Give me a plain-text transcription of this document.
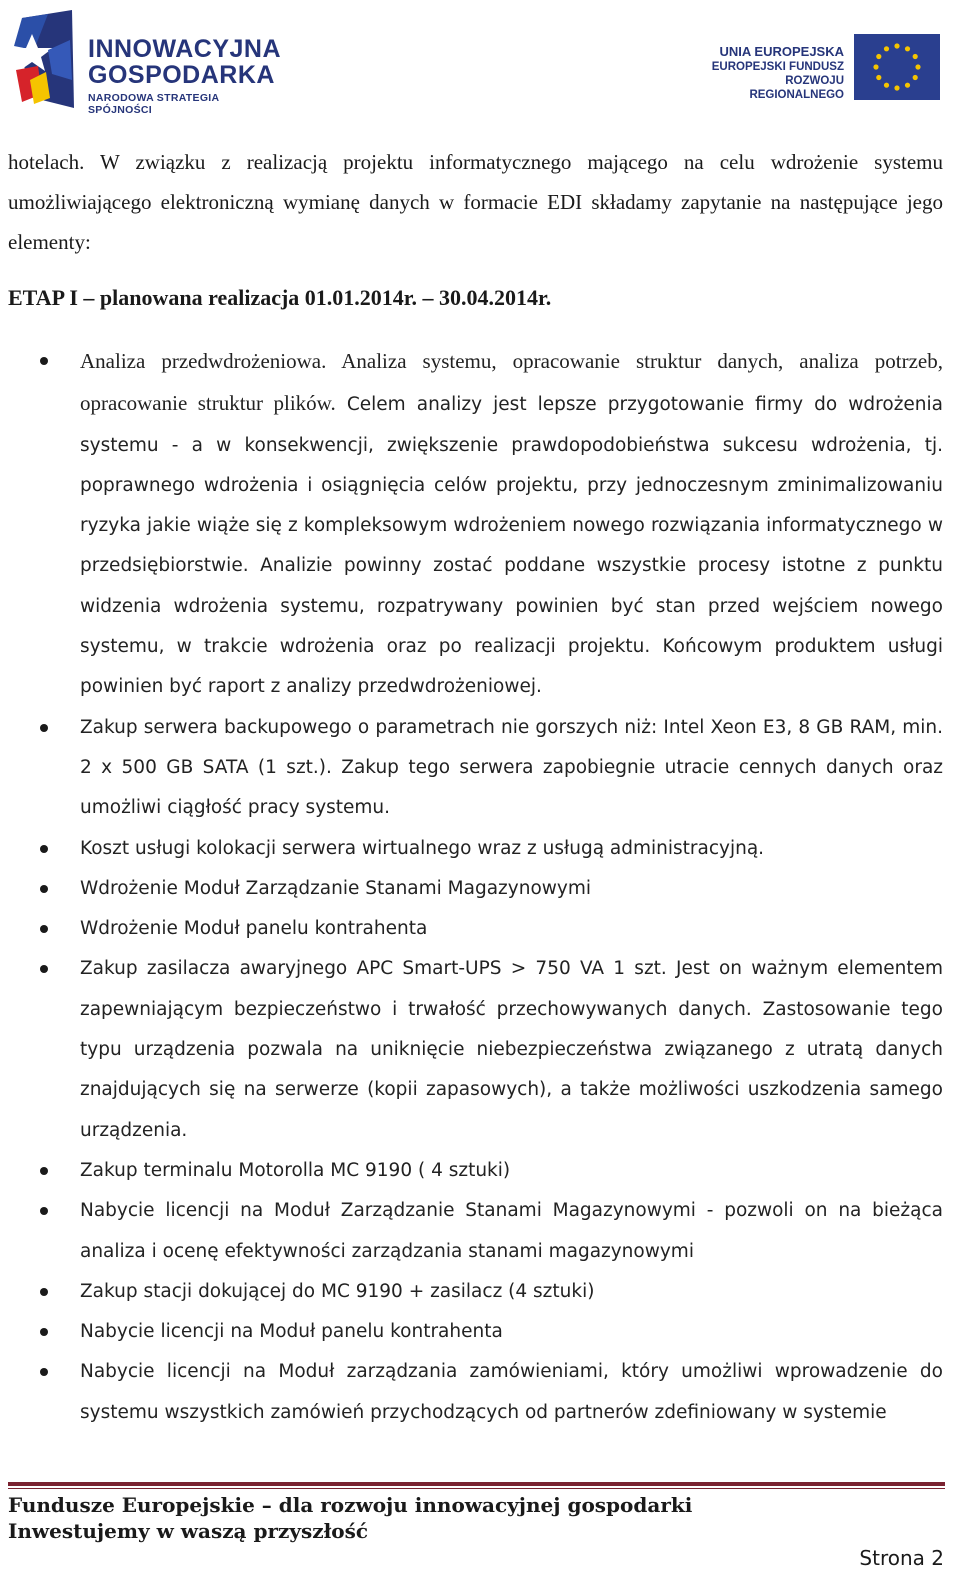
INNOWACYJNA
GOSPODARKA
NARODOWA STRATEGIA SPÓJNOŚCI
UNIA EUROPEJSKA
EUROPEJSKI FUNDUSZ
ROZWOJU REGIONALNEGO

hotelach. W związku z realizacją projektu informatycznego mającego na celu wdrożenie systemu umożliwiającego elektroniczną wymianę danych w formacie EDI składamy zapytanie na następujące jego elementy:

ETAP I – planowana realizacja 01.01.2014r. – 30.04.2014r.
Analiza przedwdrożeniowa. Analiza systemu, opracowanie struktur danych, analiza potrzeb, opracowanie struktur plików. Celem analizy jest lepsze przygotowanie firmy do wdrożenia systemu - a w konsekwencji, zwiększenie prawdopodobieństwa sukcesu wdrożenia, tj. poprawnego wdrożenia i osiągnięcia celów projektu, przy jednoczesnym zminimalizowaniu ryzyka jakie wiąże się z kompleksowym wdrożeniem nowego rozwiązania informatycznego w przedsiębiorstwie. Analizie powinny zostać poddane wszystkie procesy istotne z punktu widzenia wdrożenia systemu, rozpatrywany powinien być stan przed wejściem nowego systemu, w trakcie wdrożenia oraz po realizacji projektu. Końcowym produktem usługi powinien być raport z analizy przedwdrożeniowej.
Zakup serwera backupowego o parametrach nie gorszych niż: Intel Xeon E3, 8 GB RAM, min. 2 x 500 GB SATA (1 szt.). Zakup tego serwera zapobiegnie utracie cennych danych oraz umożliwi ciągłość pracy systemu.
Koszt usługi kolokacji serwera wirtualnego wraz z usługą administracyjną.
Wdrożenie Moduł Zarządzanie Stanami Magazynowymi
Wdrożenie Moduł panelu kontrahenta
Zakup zasilacza awaryjnego APC Smart-UPS > 750 VA 1 szt. Jest on ważnym elementem zapewniającym bezpieczeństwo i trwałość przechowywanych danych. Zastosowanie tego typu urządzenia pozwala na uniknięcie niebezpieczeństwa związanego z utratą danych znajdujących się na serwerze (kopii zapasowych), a także możliwości uszkodzenia samego urządzenia.
Zakup terminalu Motorolla MC 9190 ( 4 sztuki)
Nabycie licencji na Moduł Zarządzanie Stanami Magazynowymi - pozwoli on na bieżąca analiza i ocenę efektywności zarządzania stanami magazynowymi
Zakup stacji dokującej do MC 9190 + zasilacz (4 sztuki)
Nabycie licencji na Moduł panelu kontrahenta
Nabycie licencji na Moduł zarządzania zamówieniami, który umożliwi wprowadzenie do systemu wszystkich zamówień przychodzących od partnerów zdefiniowany w systemie
Fundusze Europejskie – dla rozwoju innowacyjnej gospodarki
Inwestujemy w waszą przyszłość
Strona 2
